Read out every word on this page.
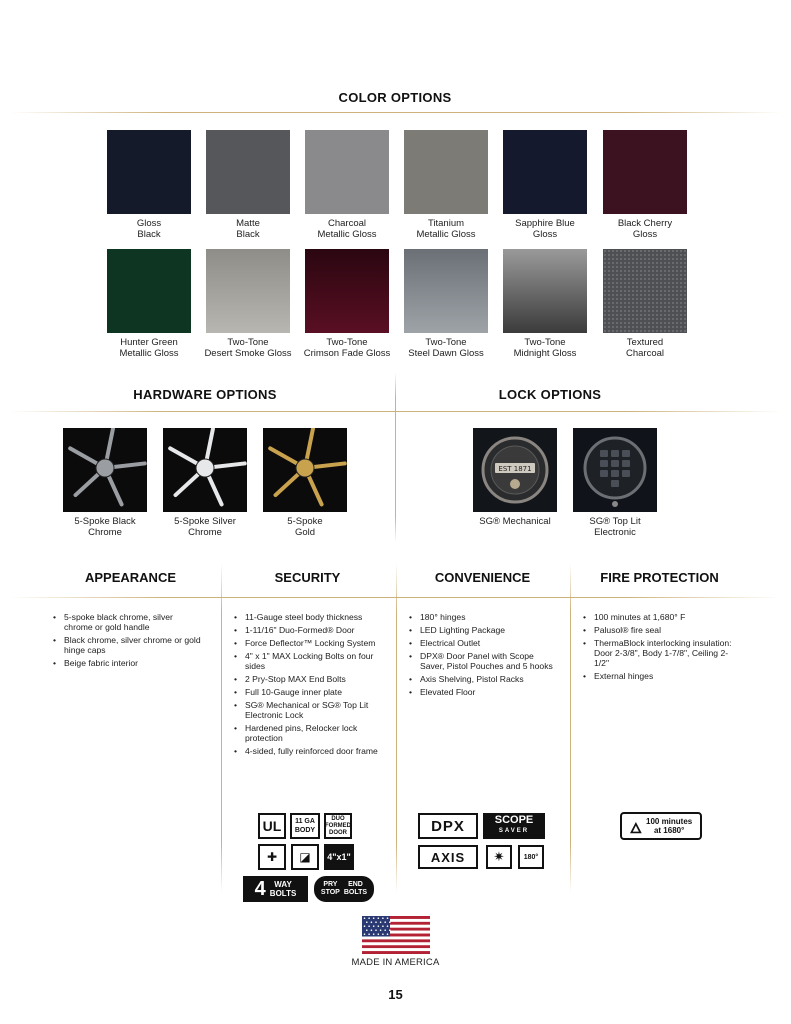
COLOR OPTIONS
Gloss
Black
Matte
Black
Charcoal
Metallic Gloss
Titanium
Metallic Gloss
Sapphire Blue
Gloss
Black Cherry
Gloss
Hunter Green
Metallic Gloss
Two-Tone
Desert Smoke Gloss
Two-Tone
Crimson Fade Gloss
Two-Tone
Steel Dawn Gloss
Two-Tone
Midnight Gloss
Textured
Charcoal
HARDWARE OPTIONS	LOCK OPTIONS
5-Spoke Black
Chrome
5-Spoke Silver
Chrome
5-Spoke
Gold
EST 1871
SG® Mechanical	SG® Top Lit
Electronic
APPEARANCE	SECURITY	CONVENIENCE	FIRE PROTECTION
• 5-spoke black chrome, silver chrome or gold handle
• Black chrome, silver chrome or gold hinge caps
• Beige fabric interior
• 11-Gauge steel body thickness
• 1-11/16" Duo-Formed® Door
• Force Deflector™ Locking System
• 4" x 1" MAX Locking Bolts on four sides
• 2 Pry-Stop MAX End Bolts
• Full 10-Gauge inner plate
• SG® Mechanical or SG® Top Lit Electronic Lock
• Hardened pins, Relocker lock protection
• 4-sided, fully reinforced door frame
• 180° hinges
• LED Lighting Package
• Electrical Outlet
• DPX® Door Panel with Scope Saver, Pistol Pouches and 5 hooks
• Axis Shelving, Pistol Racks
• Elevated Floor
• 100 minutes at 1,680° F
• Palusol® fire seal
• ThermaBlock interlocking insulation: Door 2-3/8", Body 1-7/8", Ceiling 2-1/2"
• External hinges
UL 11 GA
BODY
DUO
FORMED
DOOR
✚	◪	4"x1"
4	WAY
BOLTS
PRY
STOP
END
BOLTS
DPX	SCOPE
SAVER
AXIS	✷	180°
🜂 100 minutes
at 1680°
MADE IN AMERICA
15
